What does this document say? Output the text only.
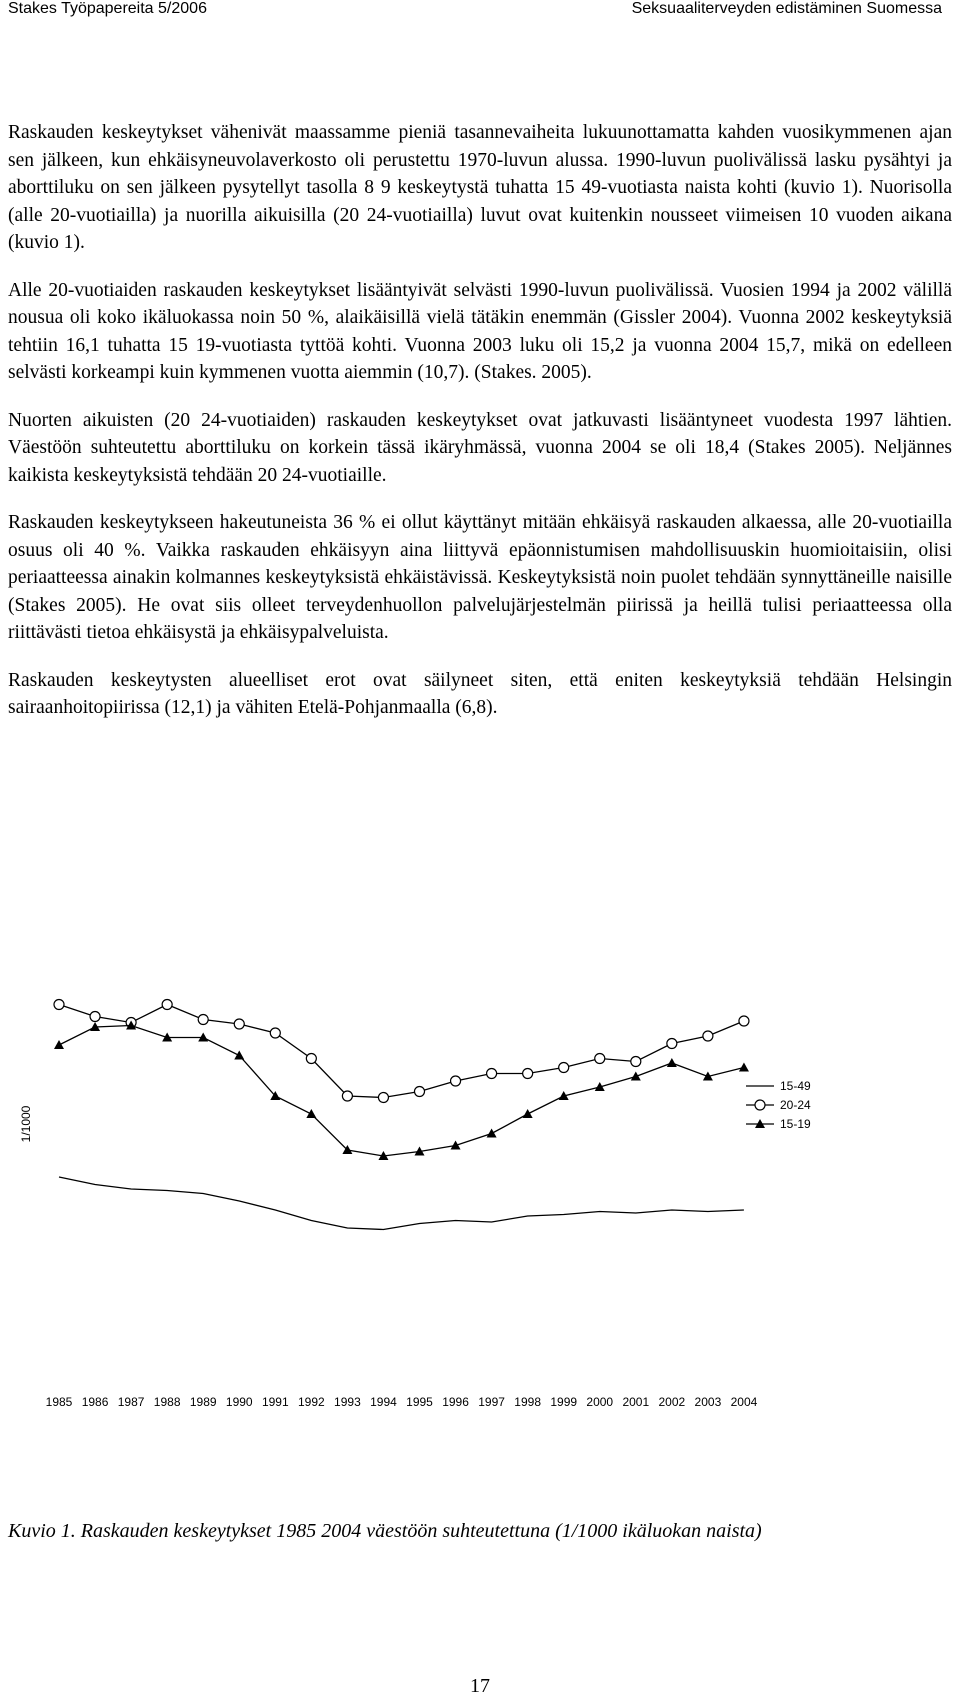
Stakes Työpapereita 5/2006	Seksuaaliterveyden edistäminen Suomessa

Raskauden keskeytykset vähenivät maassamme pieniä tasannevaiheita lukuunottamatta kahden vuosikymmenen ajan sen jälkeen, kun ehkäisyneuvolaverkosto oli perustettu 1970-luvun alussa. 1990-luvun puolivälissä lasku pysähtyi ja aborttiluku on sen jälkeen pysytellyt tasolla 8 9 keskeytystä tuhatta 15 49-vuotiasta naista kohti (kuvio 1). Nuorisolla (alle 20-vuotiailla) ja nuorilla aikuisilla (20 24-vuotiailla) luvut ovat kuitenkin nousseet viimeisen 10 vuoden aikana (kuvio 1).

Alle 20-vuotiaiden raskauden keskeytykset lisääntyivät selvästi 1990-luvun puolivälissä. Vuosien 1994 ja 2002 välillä nousua oli koko ikäluokassa noin 50 %, alaikäisillä vielä tätäkin enemmän (Gissler 2004). Vuonna 2002 keskeytyksiä tehtiin 16,1 tuhatta 15 19-vuotiasta tyttöä kohti. Vuonna 2003 luku oli 15,2 ja vuonna 2004 15,7, mikä on edelleen selvästi korkeampi kuin kymmenen vuotta aiemmin (10,7). (Stakes. 2005).

Nuorten aikuisten (20 24-vuotiaiden) raskauden keskeytykset ovat jatkuvasti lisääntyneet vuodesta 1997 lähtien. Väestöön suhteutettu aborttiluku on korkein tässä ikäryhmässä, vuonna 2004 se oli 18,4 (Stakes 2005). Neljännes kaikista keskeytyksistä tehdään 20 24-vuotiaille.

Raskauden keskeytykseen hakeutuneista 36 % ei ollut käyttänyt mitään ehkäisyä raskauden alkaessa, alle 20-vuotiailla osuus oli 40 %. Vaikka raskauden ehkäisyyn aina liittyvä epäonnistumisen mahdollisuuskin huomioitaisiin, olisi periaatteessa ainakin kolmannes keskeytyksistä ehkäistävissä. Keskeytyksistä noin puolet tehdään synnyttäneille naisille (Stakes 2005). He ovat siis olleet terveydenhuollon palvelujärjestelmän piirissä ja heillä tulisi periaatteessa olla riittävästi tietoa ehkäisystä ja ehkäisypalveluista.

Raskauden keskeytysten alueelliset erot ovat säilyneet siten, että eniten keskeytyksiä tehdään Helsingin sairaanhoitopiirissa (12,1) ja vähiten Etelä-Pohjanmaalla (6,8).

1/1000
1985 1986 1987 1988 1989 1990 1991 1992 1993 1994 1995 1996 1997 1998 1999 2000 2001 2002 2003 2004
15-49
20-24
15-19
Kuvio 1. Raskauden keskeytykset 1985 2004 väestöön suhteutettuna (1/1000 ikäluokan naista)
17
